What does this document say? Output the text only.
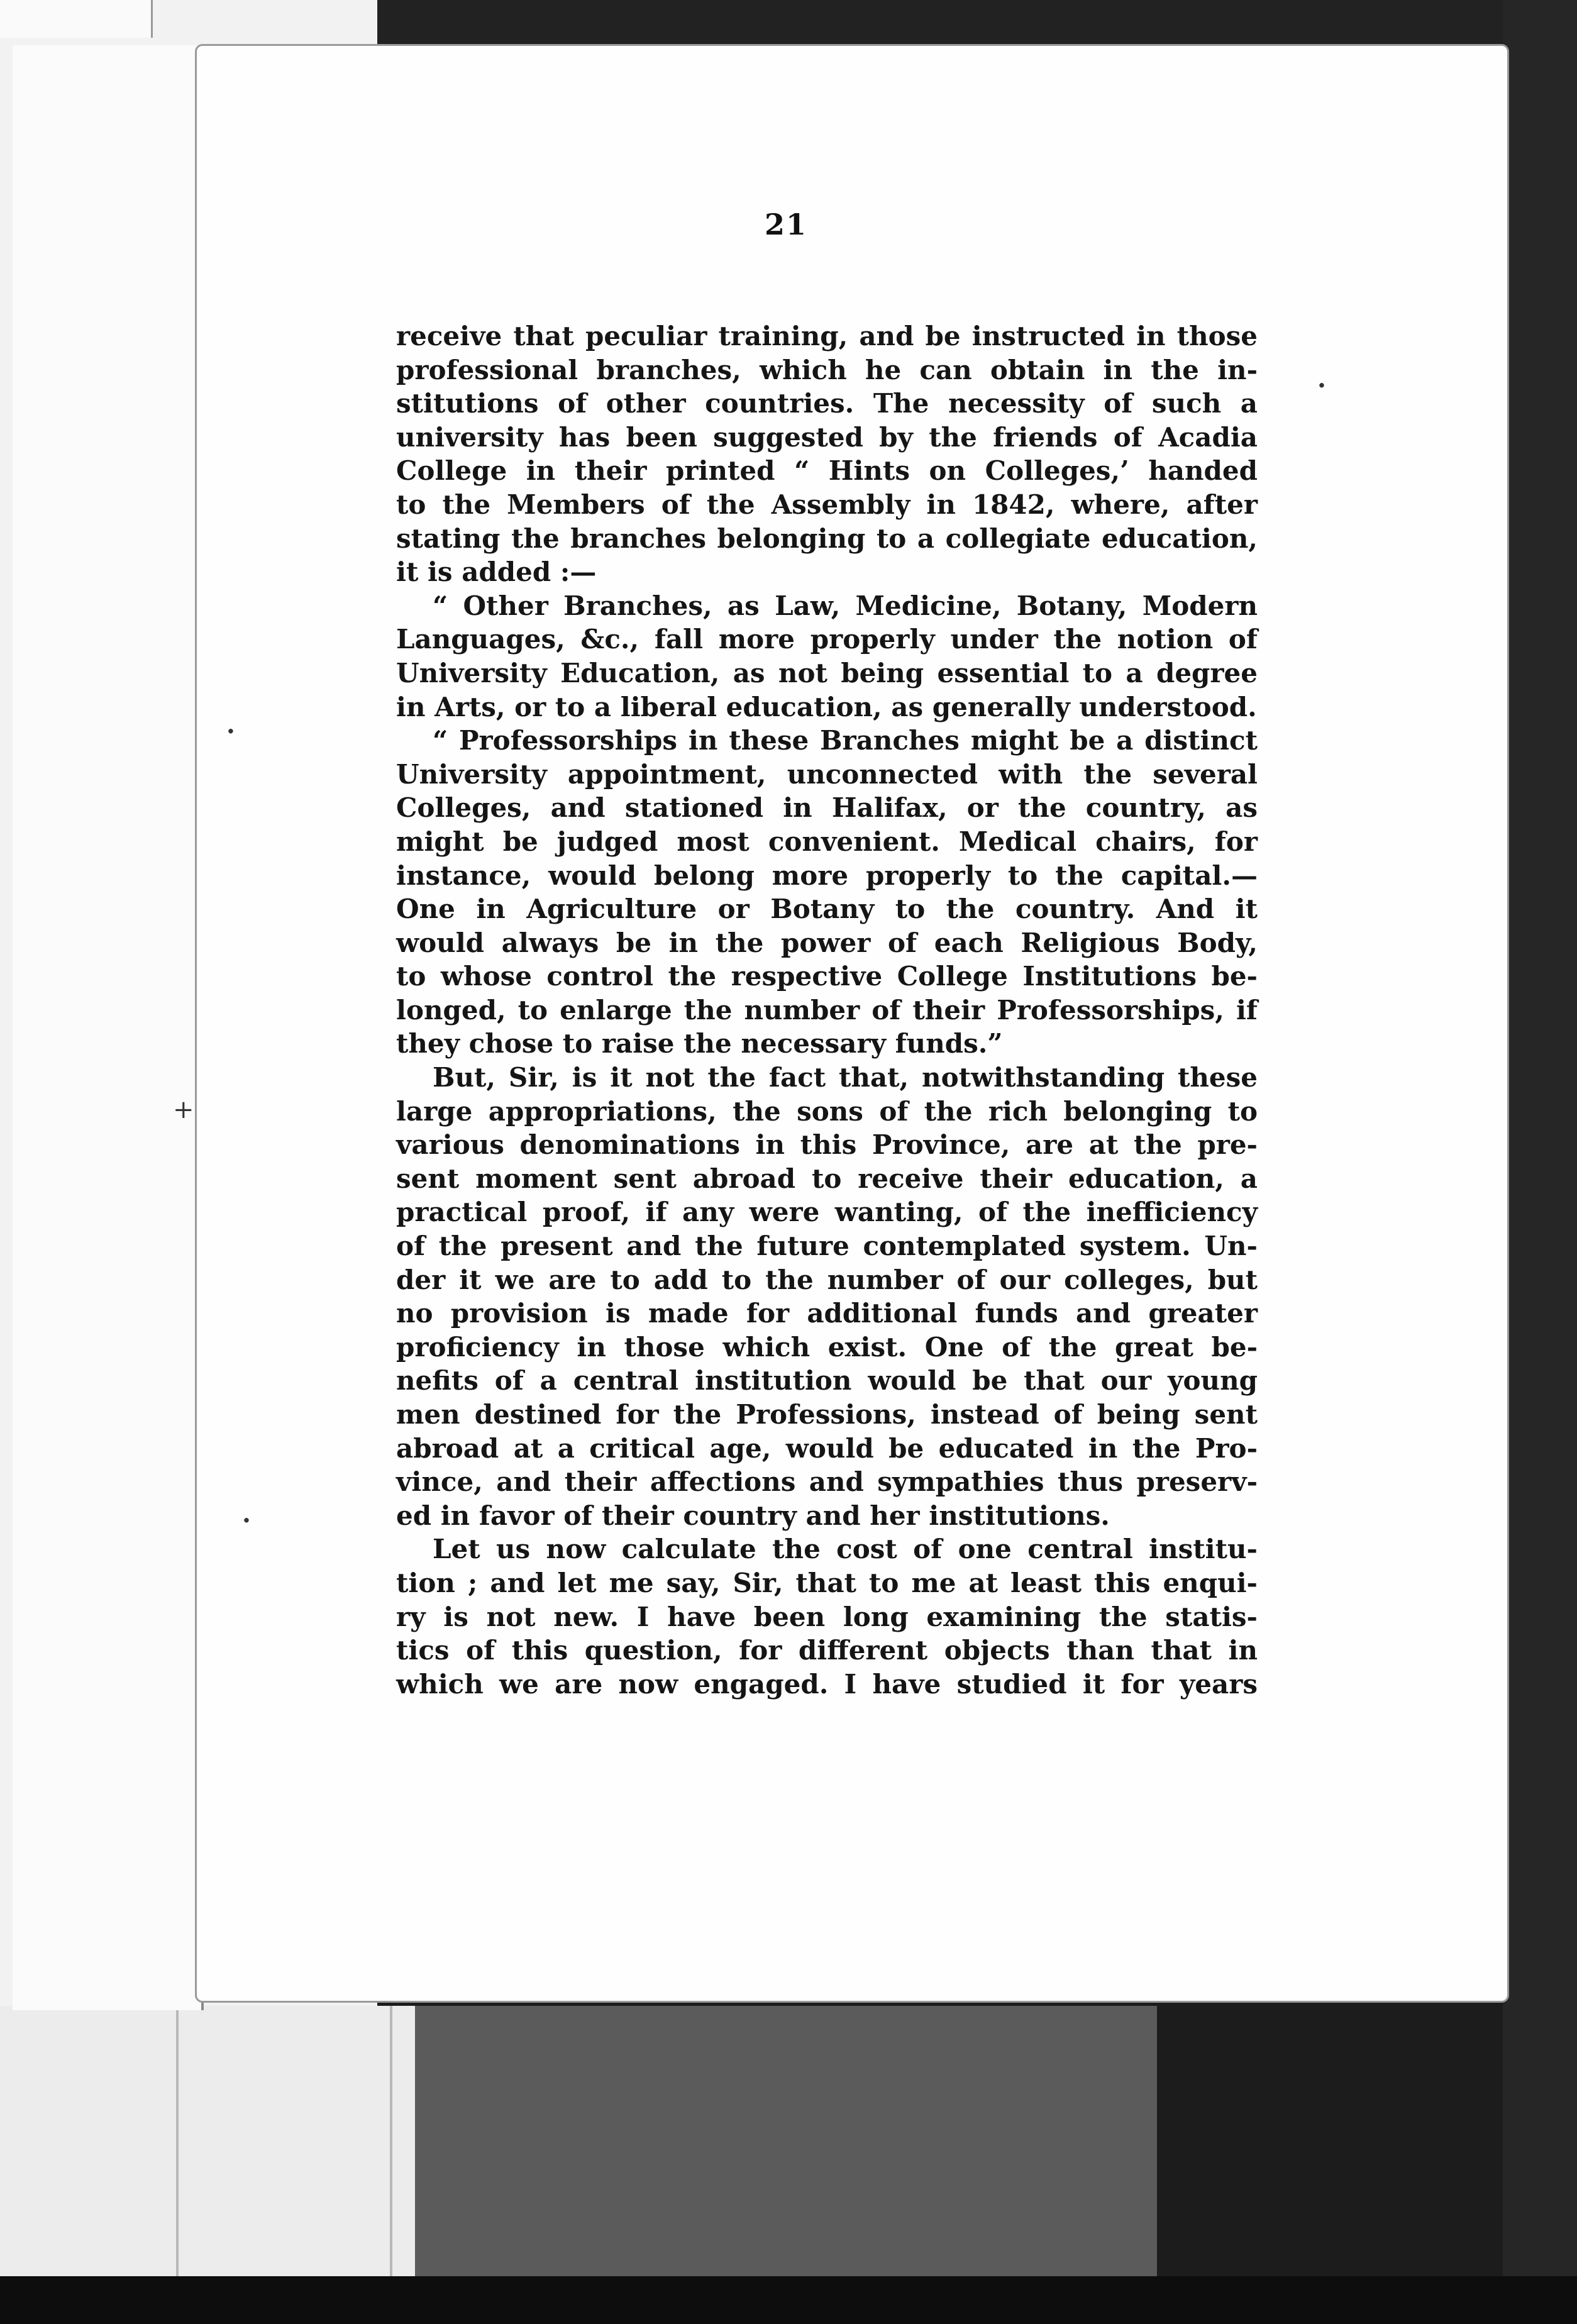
·
·
·
+
21
receive that peculiar training, and be instructed in those
professional branches, which he can obtain in the in-
stitutions of other countries. The necessity of such a
university has been suggested by the friends of Acadia
College in their printed “ Hints on Colleges,’ handed
to the Members of the Assembly in 1842, where, after
stating the branches belonging to a collegiate education,
it is added :—
“ Other Branches, as Law, Medicine, Botany, Modern
Languages, &c., fall more properly under the notion of
University Education, as not being essential to a degree
in Arts, or to a liberal education, as generally understood.
“ Professorships in these Branches might be a distinct
University appointment, unconnected with the several
Colleges, and stationed in Halifax, or the country, as
might be judged most convenient. Medical chairs, for
instance, would belong more properly to the capital.—
One in Agriculture or Botany to the country. And it
would always be in the power of each Religious Body,
to whose control the respective College Institutions be-
longed, to enlarge the number of their Professorships, if
they chose to raise the necessary funds.”
But, Sir, is it not the fact that, notwithstanding these
large appropriations, the sons of the rich belonging to
various denominations in this Province, are at the pre-
sent moment sent abroad to receive their education, a
practical proof, if any were wanting, of the inefficiency
of the present and the future contemplated system. Un-
der it we are to add to the number of our colleges, but
no provision is made for additional funds and greater
proficiency in those which exist. One of the great be-
nefits of a central institution would be that our young
men destined for the Professions, instead of being sent
abroad at a critical age, would be educated in the Pro-
vince, and their affections and sympathies thus preserv-
ed in favor of their country and her institutions.
Let us now calculate the cost of one central institu-
tion ; and let me say, Sir, that to me at least this enqui-
ry is not new. I have been long examining the statis-
tics of this question, for different objects than that in
which we are now engaged. I have studied it for years
